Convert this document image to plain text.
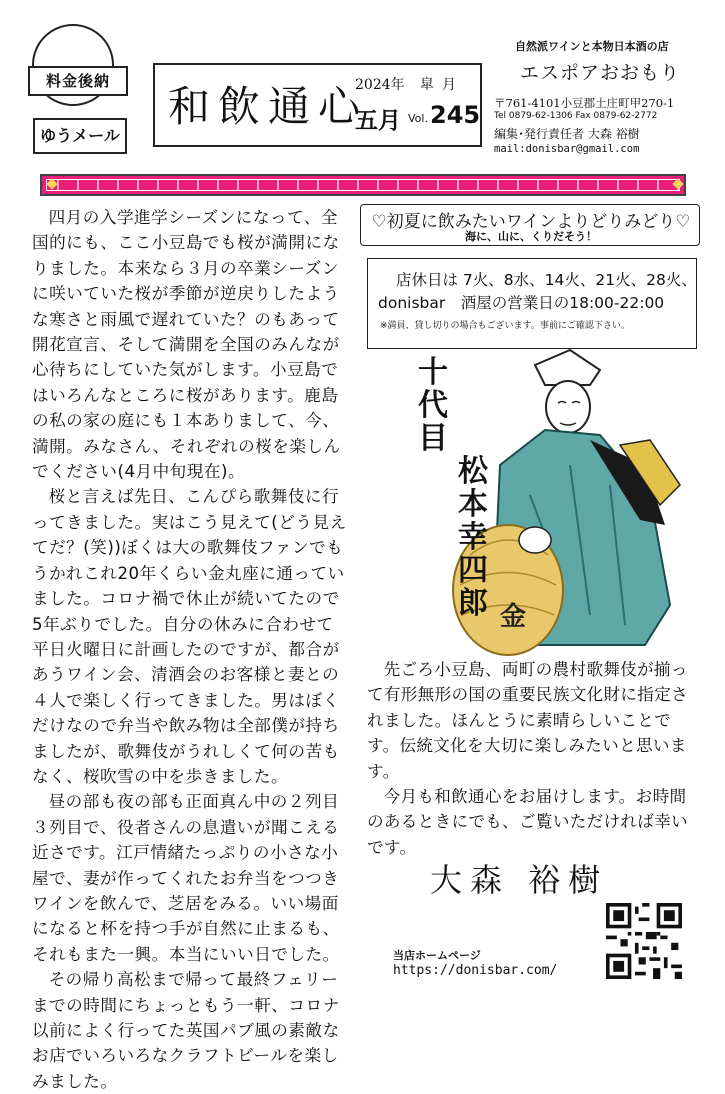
料金後納
ゆうメール
和飲通心
2024年 皐月
五月 Vol. 245
自然派ワインと本物日本酒の店
エスポアおおもり
〒761-4101小豆郡土庄町甲270-1
Tel 0879-62-1306 Fax 0879-62-2772
編集･発行責任者 大森 裕樹
mail:donisbar@gmail.com

四月の入学進学シーズンになって、全国的にも、ここ小豆島でも桜が満開になりました。本来なら３月の卒業シーズンに咲いていた桜が季節が逆戻りしたような寒さと雨風で遅れていた？のもあって開花宣言、そして満開を全国のみんなが心待ちにしていた気がします。小豆島ではいろんなところに桜があります。鹿島の私の家の庭にも１本ありまして、今、満開。みなさん、それぞれの桜を楽しんでください(4月中旬現在)。

桜と言えば先日、こんぴら歌舞伎に行ってきました。実はこう見えて(どう見えてだ？(笑))ぼくは大の歌舞伎ファンでもうかれこれ20年くらい金丸座に通っていました。コロナ禍で休止が続いてたので5年ぶりでした。自分の休みに合わせて平日火曜日に計画したのですが、都合があうワイン会、清酒会のお客様と妻との４人で楽しく行ってきました。男はぼくだけなので弁当や飲み物は全部僕が持ちましたが、歌舞伎がうれしくて何の苦もなく、桜吹雪の中を歩きました。

昼の部も夜の部も正面真ん中の２列目３列目で、役者さんの息遣いが聞こえる近さです。江戸情緒たっぷりの小さな小屋で、妻が作ってくれたお弁当をつつきワインを飲んで、芝居をみる。いい場面になると杯を持つ手が自然に止まるも、それもまた一興。本当にいい日でした。

その帰り高松まで帰って最終フェリーまでの時間にちょっともう一軒、コロナ以前によく行ってた英国パブ風の素敵なお店でいろいろなクラフトビールを楽しみました。

♡初夏に飲みたいワインよりどりみどり♡
海に、山に、くりだそう！
店休日は 7火、8水、14火、21火、28火、
donisbar　酒屋の営業日の18:00-22:00
※満員、貸し切りの場合もございます。事前にご確認下さい。
金
十代目
松本幸四郎

先ごろ小豆島、両町の農村歌舞伎が揃って有形無形の国の重要民族文化財に指定されました。ほんとうに素晴らしいことです。伝統文化を大切に楽しみたいと思います。

今月も和飲通心をお届けします。お時間のあるときにでも、ご覧いただければ幸いです。

大森 裕樹
当店ホームページ
https://donisbar.com/
